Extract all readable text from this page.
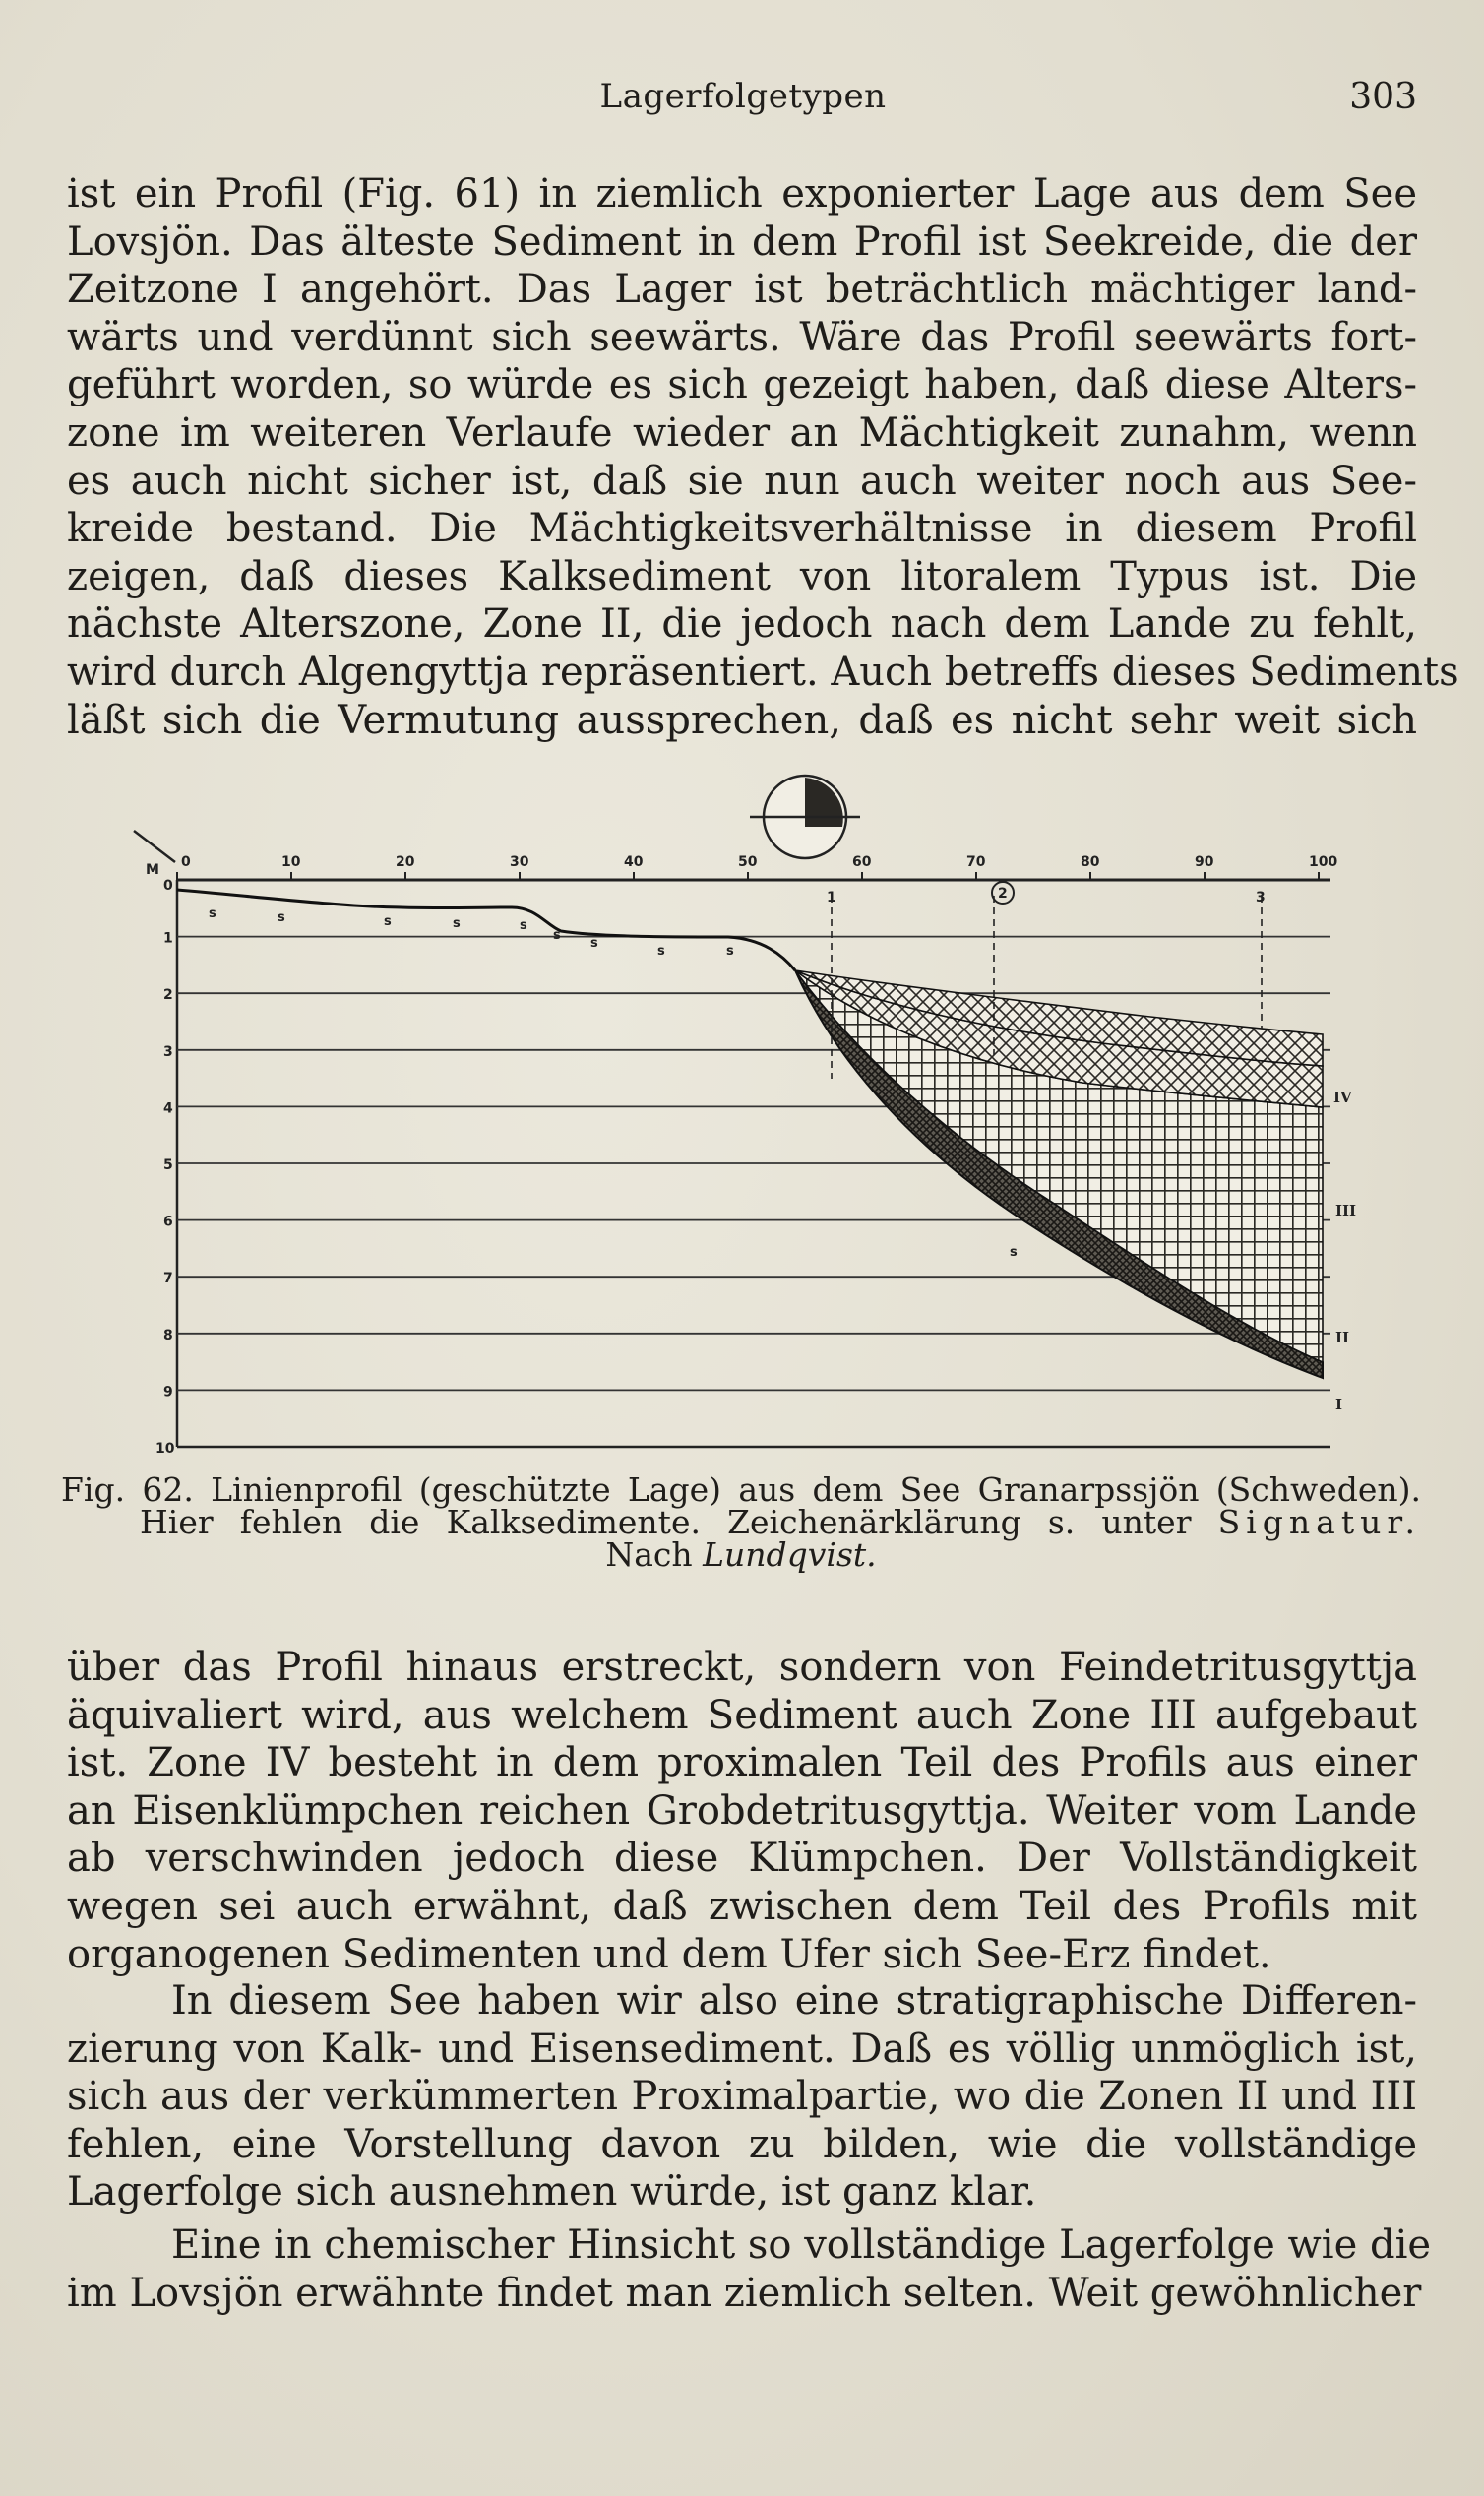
Lagerfolgetypen	303

ist ein Profil (Fig. 61) in ziemlich exponierter Lage aus dem See
Lovsjön. Das älteste Sediment in dem Profil ist Seekreide, die der
Zeitzone I angehört. Das Lager ist beträchtlich mächtiger land-
wärts und verdünnt sich seewärts. Wäre das Profil seewärts fort-
geführt worden, so würde es sich gezeigt haben, daß diese Alters-
zone im weiteren Verlaufe wieder an Mächtigkeit zunahm, wenn
es auch nicht sicher ist, daß sie nun auch weiter noch aus See-
kreide bestand. Die Mächtigkeitsverhältnisse in diesem Profil
zeigen, daß dieses Kalksediment von litoralem Typus ist. Die
nächste Alterszone, Zone II, die jedoch nach dem Lande zu fehlt,
wird durch Algengyttja repräsentiert. Auch betreffs dieses Sediments
läßt sich die Vermutung aussprechen, daß es nicht sehr weit sich

M 0	10	20	30	40	50	60	70	80	90	100
0
1
2
3
4
5
6
7
8
9
10
1	2	3
s	s	s	s	s
s
s
s	s
s
IV
III
II
I
Fig. 62. Linienprofil (geschützte Lage) aus dem See Granarpssjön (Schweden).
Hier fehlen die Kalksedimente. Zeichenärklärung s. unter Signatur.
Nach Lundqvist.

über das Profil hinaus erstreckt, sondern von Feindetritusgyttja
äquivaliert wird, aus welchem Sediment auch Zone III aufgebaut
ist. Zone IV besteht in dem proximalen Teil des Profils aus einer
an Eisenklümpchen reichen Grobdetritusgyttja. Weiter vom Lande
ab verschwinden jedoch diese Klümpchen. Der Vollständigkeit
wegen sei auch erwähnt, daß zwischen dem Teil des Profils mit
organogenen Sedimenten und dem Ufer sich See-Erz findet.

In diesem See haben wir also eine stratigraphische Differen-
zierung von Kalk- und Eisensediment. Daß es völlig unmöglich ist,
sich aus der verkümmerten Proximalpartie, wo die Zonen II und III
fehlen, eine Vorstellung davon zu bilden, wie die vollständige
Lagerfolge sich ausnehmen würde, ist ganz klar.

Eine in chemischer Hinsicht so vollständige Lagerfolge wie die
im Lovsjön erwähnte findet man ziemlich selten. Weit gewöhnlicher
